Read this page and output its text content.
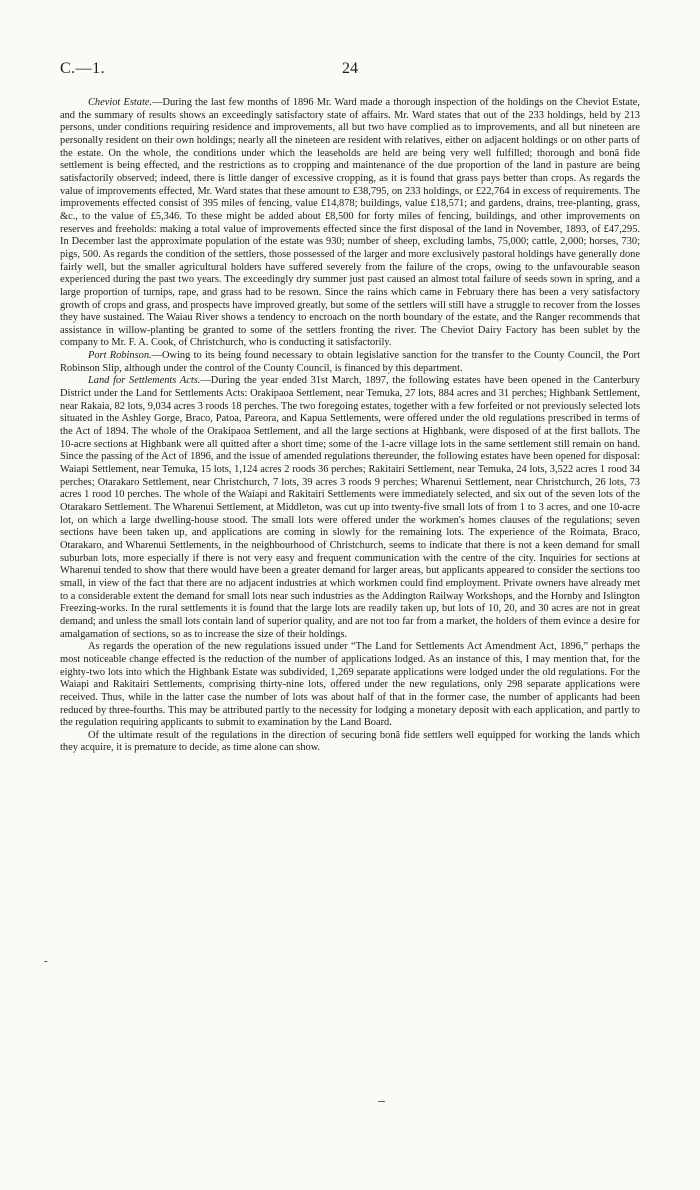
24
C.—1.

Cheviot Estate.—During the last few months of 1896 Mr. Ward made a thorough inspection of the holdings on the Cheviot Estate, and the summary of results shows an exceedingly satisfactory state of affairs. Mr. Ward states that out of the 233 holdings, held by 213 persons, under conditions requiring residence and improvements, all but two have complied as to improvements, and all but nineteen are personally resident on their own holdings; nearly all the nineteen are resident with relatives, either on adjacent holdings or on other parts of the estate. On the whole, the conditions under which the leaseholds are held are being very well fulfilled; thorough and bonâ fide settlement is being effected, and the restrictions as to cropping and maintenance of the due proportion of the land in pasture are being satisfactorily observed; indeed, there is little danger of excessive cropping, as it is found that grass pays better than crops. As regards the value of improvements effected, Mr. Ward states that these amount to £38,795, on 233 holdings, or £22,764 in excess of requirements. The improvements effected consist of 395 miles of fencing, value £14,878; buildings, value £18,571; and gardens, drains, tree-planting, grass, &c., to the value of £5,346. To these might be added about £8,500 for forty miles of fencing, buildings, and other improvements on reserves and freeholds: making a total value of improvements effected since the first disposal of the land in November, 1893, of £47,295. In December last the approximate population of the estate was 930; number of sheep, excluding lambs, 75,000; cattle, 2,000; horses, 730; pigs, 500. As regards the condition of the settlers, those possessed of the larger and more exclusively pastoral holdings have generally done fairly well, but the smaller agricultural holders have suffered severely from the failure of the crops, owing to the unfavourable season experienced during the past two years. The exceedingly dry summer just past caused an almost total failure of seeds sown in spring, and a large proportion of turnips, rape, and grass had to be resown. Since the rains which came in February there has been a very satisfactory growth of crops and grass, and prospects have improved greatly, but some of the settlers will still have a struggle to recover from the losses they have sustained. The Waiau River shows a tendency to encroach on the north boundary of the estate, and the Ranger recommends that assistance in willow-planting be granted to some of the settlers fronting the river. The Cheviot Dairy Factory has been sublet by the company to Mr. F. A. Cook, of Christchurch, who is conducting it satisfactorily.

Port Robinson.—Owing to its being found necessary to obtain legislative sanction for the transfer to the County Council, the Port Robinson Slip, although under the control of the County Council, is financed by this department.

Land for Settlements Acts.—During the year ended 31st March, 1897, the following estates have been opened in the Canterbury District under the Land for Settlements Acts: Orakipaoa Settlement, near Temuka, 27 lots, 884 acres and 31 perches; Highbank Settlement, near Rakaia, 82 lots, 9,034 acres 3 roods 18 perches. The two foregoing estates, together with a few forfeited or not previously selected lots situated in the Ashley Gorge, Braco, Patoa, Pareora, and Kapua Settlements, were offered under the old regulations prescribed in terms of the Act of 1894. The whole of the Orakipaoa Settlement, and all the large sections at Highbank, were disposed of at the first ballots. The 10-acre sections at Highbank were all quitted after a short time; some of the 1-acre village lots in the same settlement still remain on hand. Since the passing of the Act of 1896, and the issue of amended regulations thereunder, the following estates have been opened for disposal: Waiapi Settlement, near Temuka, 15 lots, 1,124 acres 2 roods 36 perches; Rakitairi Settlement, near Temuka, 24 lots, 3,522 acres 1 rood 34 perches; Otarakaro Settlement, near Christchurch, 7 lots, 39 acres 3 roods 9 perches; Wharenui Settlement, near Christchurch, 26 lots, 73 acres 1 rood 10 perches. The whole of the Waiapi and Rakitairi Settlements were immediately selected, and six out of the seven lots of the Otarakaro Settlement. The Wharenui Settlement, at Middleton, was cut up into twenty-five small lots of from 1 to 3 acres, and one 10-acre lot, on which a large dwelling-house stood. The small lots were offered under the workmen's homes clauses of the regulations; seven sections have been taken up, and applications are coming in slowly for the remaining lots. The experience of the Roimata, Braco, Otarakaro, and Wharenui Settlements, in the neighbourhood of Christchurch, seems to indicate that there is not a keen demand for small suburban lots, more especially if there is not very easy and frequent communication with the centre of the city. Inquiries for sections at Wharenui tended to show that there would have been a greater demand for larger areas, but applicants appeared to consider the sections too small, in view of the fact that there are no adjacent industries at which workmen could find employment. Private owners have already met to a considerable extent the demand for small lots near such industries as the Addington Railway Workshops, and the Hornby and Islington Freezing-works. In the rural settlements it is found that the large lots are readily taken up, but lots of 10, 20, and 30 acres are not in great demand; and unless the small lots contain land of superior quality, and are not too far from a market, the holders of them evince a desire for amalgamation of sections, so as to increase the size of their holdings.

As regards the operation of the new regulations issued under “The Land for Settlements Act Amendment Act, 1896,” perhaps the most noticeable change effected is the reduction of the number of applications lodged. As an instance of this, I may mention that, for the eighty-two lots into which the Highbank Estate was subdivided, 1,269 separate applications were lodged under the old regulations. For the Waiapi and Rakitairi Settlements, comprising thirty-nine lots, offered under the new regulations, only 298 separate applications were received. Thus, while in the latter case the number of lots was about half of that in the former case, the number of applicants had been reduced by three-fourths. This may be attributed partly to the necessity for lodging a monetary deposit with each application, and partly to the regulation requiring applicants to submit to examination by the Land Board.

Of the ultimate result of the regulations in the direction of securing bonâ fide settlers well equipped for working the lands which they acquire, it is premature to decide, as time alone can show.

-
